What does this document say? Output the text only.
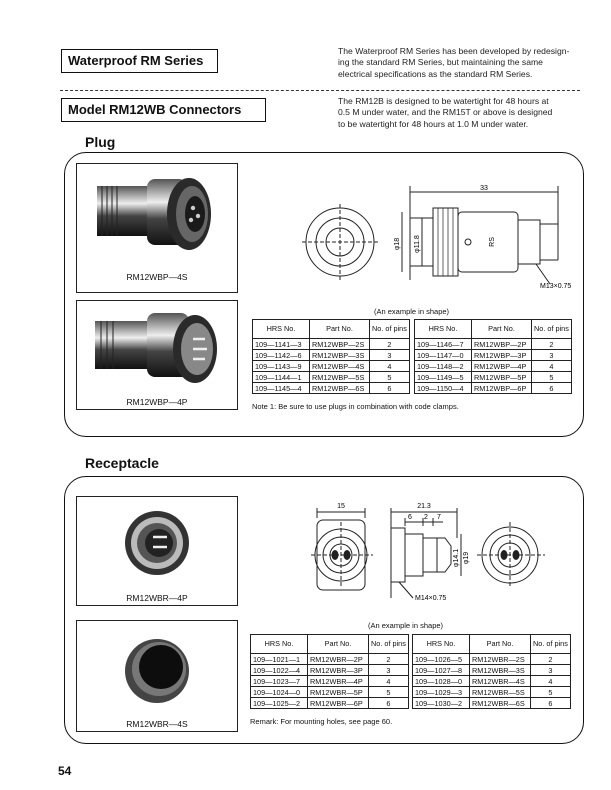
Waterproof RM Series
The Waterproof RM Series has been developed by redesign-
ing the standard RM Series, but maintaining the same
electrical specifications as the standard RM Series.
Model RM12WB Connectors
The RM12B is designed to be watertight for 48 hours at
0.5 M under water, and the RM15T or above is designed
to be watertight for 48 hours at 1.0 M under water.
Plug
RM12WBP—4S
RM12WBP—4P
33
φ18 φ11.8	RS
M13×0.75
(An example in shape)
HRS No.	Part No.	No. of pins
109—1141—3	RM12WBP—2S	2
109—1142—6	RM12WBP—3S	3
109—1143—9	RM12WBP—4S	4
109—1144—1	RM12WBP—5S	5
109—1145—4	RM12WBP—6S	6
HRS No.	Part No.	No. of pins
109—1146—7	RM12WBP—2P	2
109—1147—0	RM12WBP—3P	3
109—1148—2	RM12WBP—4P	4
109—1149—5	RM12WBP—5P	5
109—1150—4	RM12WBP—6P	6
Note 1: Be sure to use plugs in combination with code clamps.
Receptacle
RM12WBR—4P
RM12WBR—4S
15	21.3
6 2 7
φ14.1 φ19
M14×0.75
(An example in shape)
HRS No.	Part No.	No. of pins
109—1021—1	RM12WBR—2P	2
109—1022—4	RM12WBR—3P	3
109—1023—7	RM12WBR—4P	4
109—1024—0	RM12WBR—5P	5
109—1025—2	RM12WBR—6P	6
HRS No.	Part No.	No. of pins
109—1026—5	RM12WBR—2S	2
109—1027—8	RM12WBR—3S	3
109—1028—0	RM12WBR—4S	4
109—1029—3	RM12WBR—5S	5
109—1030—2	RM12WBR—6S	6
Remark: For mounting holes, see page 60.
54
